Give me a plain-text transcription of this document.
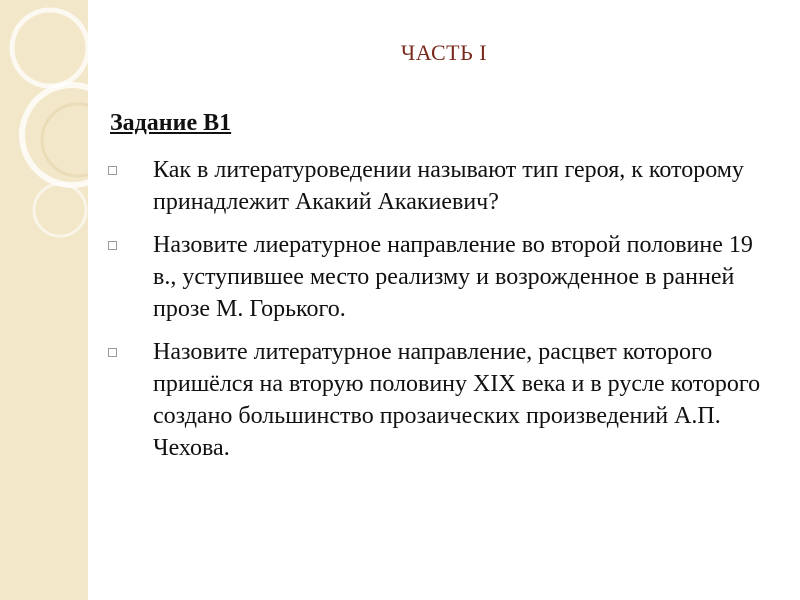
ЧАСТЬ I
Задание В1
Как в литературоведении называют тип героя, к которому принадлежит Акакий Акакиевич?
Назовите лиературное направление во второй половине 19 в., уступившее место реализму и возрожденное в ранней прозе М. Горького.
Назовите литературное направление, расцвет которого пришёлся на вторую половину XIX века и в русле которого создано большинство прозаических произведений А.П. Чехова.
